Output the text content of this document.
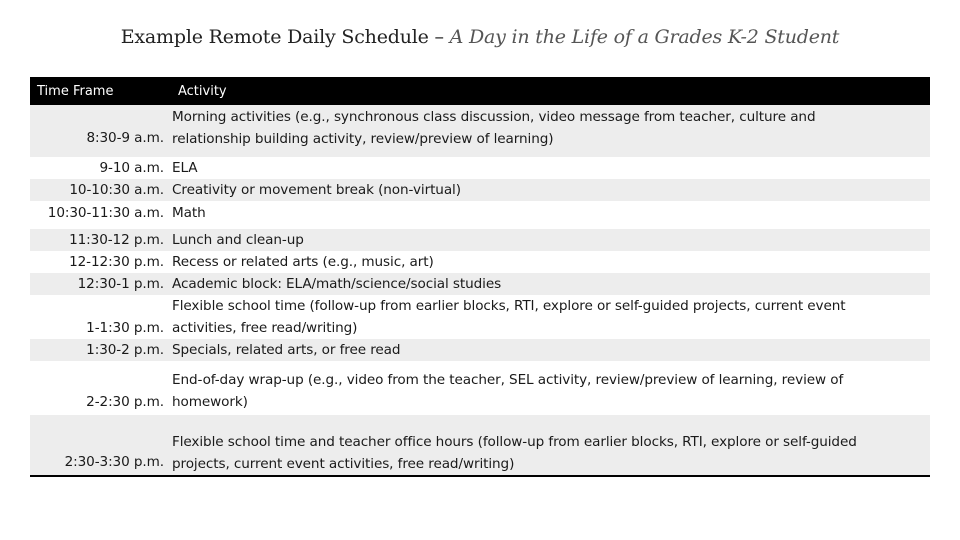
Example Remote Daily Schedule – A Day in the Life of a Grades K-2 Student
Time Frame	Activity
8:30-9 a.m.
Morning activities (e.g., synchronous class discussion, video message from teacher, culture and
relationship building activity, review/preview of learning)
9-10 a.m. ELA
10-10:30 a.m. Creativity or movement break (non-virtual)
10:30-11:30 a.m. Math
11:30-12 p.m. Lunch and clean-up
12-12:30 p.m. Recess or related arts (e.g., music, art)
12:30-1 p.m. Academic block: ELA/math/science/social studies
1-1:30 p.m.
Flexible school time (follow-up from earlier blocks, RTI, explore or self-guided projects, current event
activities, free read/writing)
1:30-2 p.m. Specials, related arts, or free read
2-2:30 p.m.
End-of-day wrap-up (e.g., video from the teacher, SEL activity, review/preview of learning, review of
homework)
2:30-3:30 p.m.
Flexible school time and teacher office hours (follow-up from earlier blocks, RTI, explore or self-guided
projects, current event activities, free read/writing)
